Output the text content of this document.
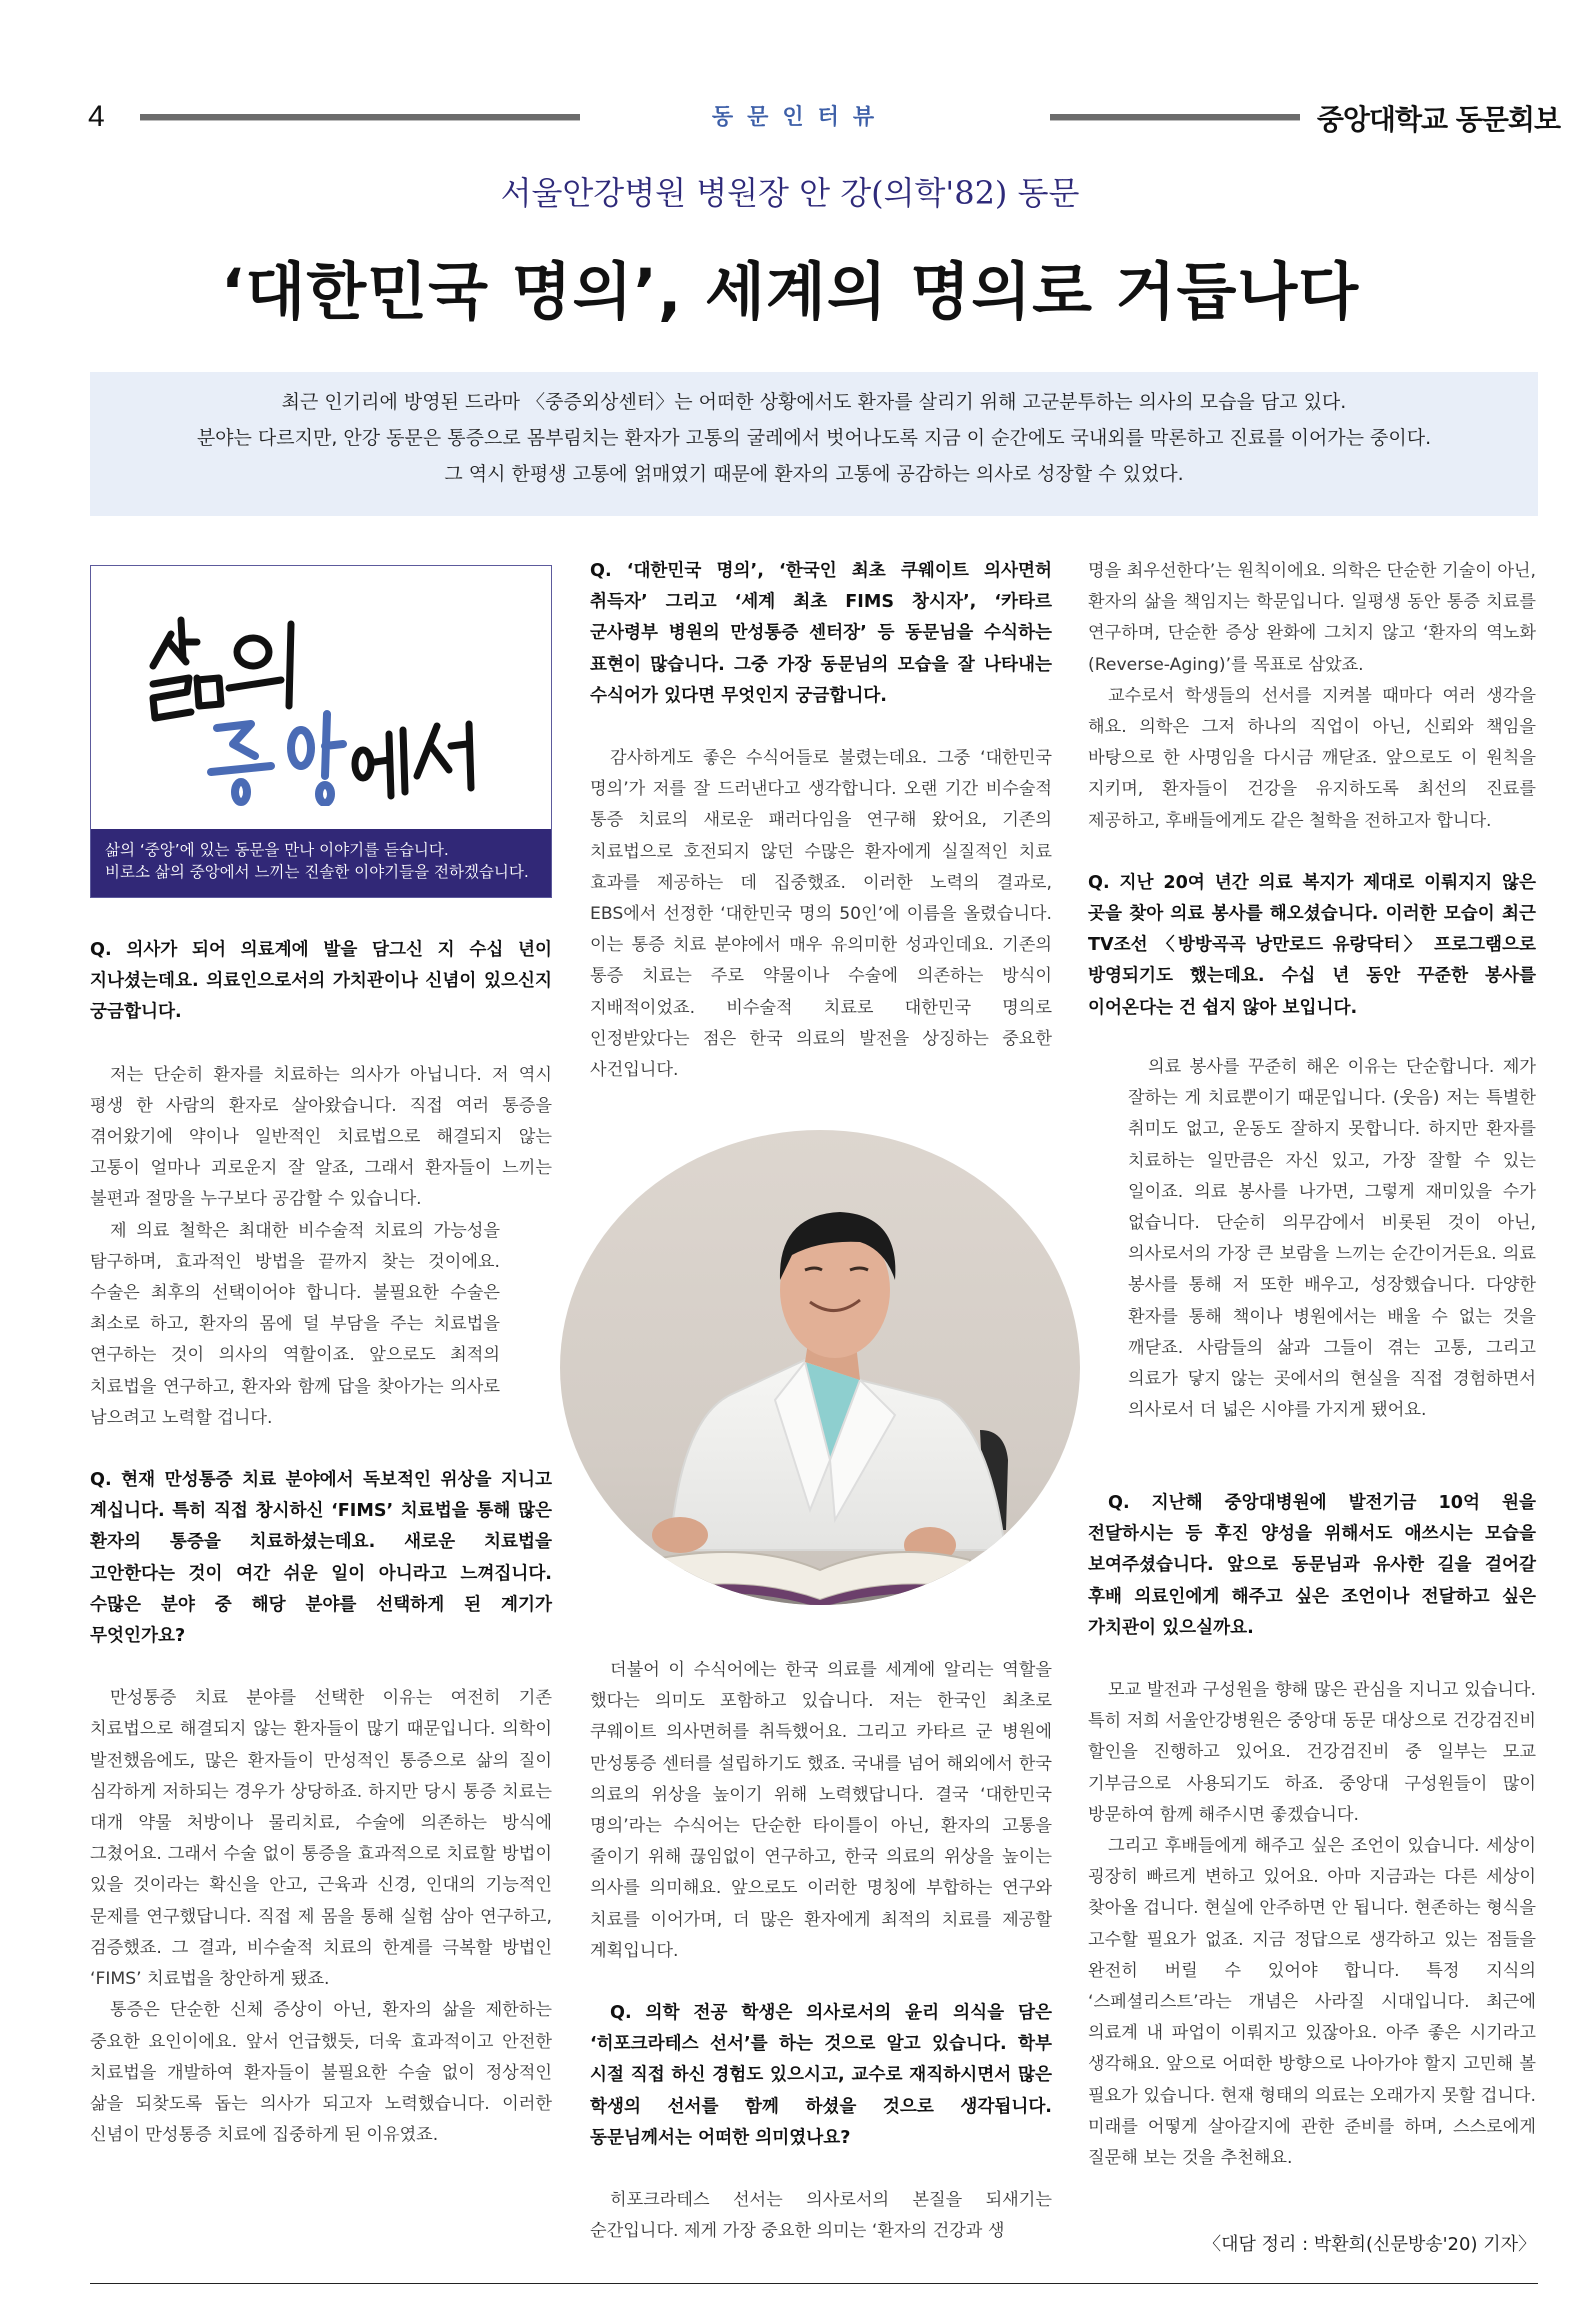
4	동문인터뷰	중앙대학교 동문회보
서울안강병원 병원장 안 강(의학'82) 동문
‘대한민국 명의’, 세계의 명의로 거듭나다

최근 인기리에 방영된 드라마 〈중증외상센터〉는 어떠한 상황에서도 환자를 살리기 위해 고군분투하는 의사의 모습을 담고 있다.

분야는 다르지만, 안강 동문은 통증으로 몸부림치는 환자가 고통의 굴레에서 벗어나도록 지금 이 순간에도 국내외를 막론하고 진료를 이어가는 중이다.

그 역시 한평생 고통에 얽매였기 때문에 환자의 고통에 공감하는 의사로 성장할 수 있었다.

삶의 ‘중앙’에 있는 동문을 만나 이야기를 듣습니다.
비로소 삶의 중앙에서 느끼는 진솔한 이야기들을 전하겠습니다.

Q. 의사가 되어 의료계에 발을 담그신 지 수십 년이 지나셨는데요. 의료인으로서의 가치관이나 신념이 있으신지 궁금합니다.

저는 단순히 환자를 치료하는 의사가 아닙니다. 저 역시 평생 한 사람의 환자로 살아왔습니다. 직접 여러 통증을 겪어왔기에 약이나 일반적인 치료법으로 해결되지 않는 고통이 얼마나 괴로운지 잘 알죠, 그래서 환자들이 느끼는 불편과 절망을 누구보다 공감할 수 있습니다.

제 의료 철학은 최대한 비수술적 치료의 가능성을 탐구하며, 효과적인 방법을 끝까지 찾는 것이에요. 수술은 최후의 선택이어야 합니다. 불필요한 수술은 최소로 하고, 환자의 몸에 덜 부담을 주는 치료법을 연구하는 것이 의사의 역할이죠. 앞으로도 최적의 치료법을 연구하고, 환자와 함께 답을 찾아가는 의사로 남으려고 노력할 겁니다.

Q. 현재 만성통증 치료 분야에서 독보적인 위상을 지니고 계십니다. 특히 직접 창시하신 ‘FIMS’ 치료법을 통해 많은 환자의 통증을 치료하셨는데요. 새로운 치료법을 고안한다는 것이 여간 쉬운 일이 아니라고 느껴집니다. 수많은 분야 중 해당 분야를 선택하게 된 계기가 무엇인가요?

만성통증 치료 분야를 선택한 이유는 여전히 기존 치료법으로 해결되지 않는 환자들이 많기 때문입니다. 의학이 발전했음에도, 많은 환자들이 만성적인 통증으로 삶의 질이 심각하게 저하되는 경우가 상당하죠. 하지만 당시 통증 치료는 대개 약물 처방이나 물리치료, 수술에 의존하는 방식에 그쳤어요. 그래서 수술 없이 통증을 효과적으로 치료할 방법이 있을 것이라는 확신을 안고, 근육과 신경, 인대의 기능적인 문제를 연구했답니다. 직접 제 몸을 통해 실험 삼아 연구하고, 검증했죠. 그 결과, 비수술적 치료의 한계를 극복할 방법인 ‘FIMS’ 치료법을 창안하게 됐죠.

통증은 단순한 신체 증상이 아닌, 환자의 삶을 제한하는 중요한 요인이에요. 앞서 언급했듯, 더욱 효과적이고 안전한 치료법을 개발하여 환자들이 불필요한 수술 없이 정상적인 삶을 되찾도록 돕는 의사가 되고자 노력했습니다. 이러한 신념이 만성통증 치료에 집중하게 된 이유였죠.

Q. ‘대한민국 명의’, ‘한국인 최초 쿠웨이트 의사면허 취득자’ 그리고 ‘세계 최초 FIMS 창시자’, ‘카타르 군사령부 병원의 만성통증 센터장’ 등 동문님을 수식하는 표현이 많습니다. 그중 가장 동문님의 모습을 잘 나타내는 수식어가 있다면 무엇인지 궁금합니다.

감사하게도 좋은 수식어들로 불렸는데요. 그중 ‘대한민국 명의’가 저를 잘 드러낸다고 생각합니다. 오랜 기간 비수술적 통증 치료의 새로운 패러다임을 연구해 왔어요, 기존의 치료법으로 호전되지 않던 수많은 환자에게 실질적인 치료 효과를 제공하는 데 집중했죠. 이러한 노력의 결과로, EBS에서 선정한 ‘대한민국 명의 50인’에 이름을 올렸습니다. 이는 통증 치료 분야에서 매우 유의미한 성과인데요. 기존의 통증 치료는 주로 약물이나 수술에 의존하는 방식이 지배적이었죠. 비수술적 치료로 대한민국 명의로 인정받았다는 점은 한국 의료의 발전을 상징하는 중요한 사건입니다.

더불어 이 수식어에는 한국 의료를 세계에 알리는 역할을 했다는 의미도 포함하고 있습니다. 저는 한국인 최초로 쿠웨이트 의사면허를 취득했어요. 그리고 카타르 군 병원에 만성통증 센터를 설립하기도 했죠. 국내를 넘어 해외에서 한국 의료의 위상을 높이기 위해 노력했답니다. 결국 ‘대한민국 명의’라는 수식어는 단순한 타이틀이 아닌, 환자의 고통을 줄이기 위해 끊임없이 연구하고, 한국 의료의 위상을 높이는 의사를 의미해요. 앞으로도 이러한 명칭에 부합하는 연구와 치료를 이어가며, 더 많은 환자에게 최적의 치료를 제공할 계획입니다.

Q. 의학 전공 학생은 의사로서의 윤리 의식을 담은 ‘히포크라테스 선서’를 하는 것으로 알고 있습니다. 학부 시절 직접 하신 경험도 있으시고, 교수로 재직하시면서 많은 학생의 선서를 함께 하셨을 것으로 생각됩니다. 동문님께서는 어떠한 의미였나요?

히포크라테스 선서는 의사로서의 본질을 되새기는 순간입니다. 제게 가장 중요한 의미는 ‘환자의 건강과 생

명을 최우선한다’는 원칙이에요. 의학은 단순한 기술이 아닌, 환자의 삶을 책임지는 학문입니다. 일평생 동안 통증 치료를 연구하며, 단순한 증상 완화에 그치지 않고 ‘환자의 역노화(Reverse-Aging)’를 목표로 삼았죠.

교수로서 학생들의 선서를 지켜볼 때마다 여러 생각을 해요. 의학은 그저 하나의 직업이 아닌, 신뢰와 책임을 바탕으로 한 사명임을 다시금 깨닫죠. 앞으로도 이 원칙을 지키며, 환자들이 건강을 유지하도록 최선의 진료를 제공하고, 후배들에게도 같은 철학을 전하고자 합니다.

Q. 지난 20여 년간 의료 복지가 제대로 이뤄지지 않은 곳을 찾아 의료 봉사를 해오셨습니다. 이러한 모습이 최근 TV조선 〈방방곡곡 낭만로드 유랑닥터〉 프로그램으로 방영되기도 했는데요. 수십 년 동안 꾸준한 봉사를 이어온다는 건 쉽지 않아 보입니다.

의료 봉사를 꾸준히 해온 이유는 단순합니다. 제가 잘하는 게 치료뿐이기 때문입니다. (웃음) 저는 특별한 취미도 없고, 운동도 잘하지 못합니다. 하지만 환자를 치료하는 일만큼은 자신 있고, 가장 잘할 수 있는 일이죠. 의료 봉사를 나가면, 그렇게 재미있을 수가 없습니다. 단순히 의무감에서 비롯된 것이 아닌, 의사로서의 가장 큰 보람을 느끼는 순간이거든요. 의료 봉사를 통해 저 또한 배우고, 성장했습니다. 다양한 환자를 통해 책이나 병원에서는 배울 수 없는 것을 깨닫죠. 사람들의 삶과 그들이 겪는 고통, 그리고 의료가 닿지 않는 곳에서의 현실을 직접 경험하면서 의사로서 더 넓은 시야를 가지게 됐어요.

Q. 지난해 중앙대병원에 발전기금 10억 원을 전달하시는 등 후진 양성을 위해서도 애쓰시는 모습을 보여주셨습니다. 앞으로 동문님과 유사한 길을 걸어갈 후배 의료인에게 해주고 싶은 조언이나 전달하고 싶은 가치관이 있으실까요.

모교 발전과 구성원을 향해 많은 관심을 지니고 있습니다. 특히 저희 서울안강병원은 중앙대 동문 대상으로 건강검진비 할인을 진행하고 있어요. 건강검진비 중 일부는 모교 기부금으로 사용되기도 하죠. 중앙대 구성원들이 많이 방문하여 함께 해주시면 좋겠습니다.

그리고 후배들에게 해주고 싶은 조언이 있습니다. 세상이 굉장히 빠르게 변하고 있어요. 아마 지금과는 다른 세상이 찾아올 겁니다. 현실에 안주하면 안 됩니다. 현존하는 형식을 고수할 필요가 없죠. 지금 정답으로 생각하고 있는 점들을 완전히 버릴 수 있어야 합니다. 특정 지식의 ‘스페셜리스트’라는 개념은 사라질 시대입니다. 최근에 의료계 내 파업이 이뤄지고 있잖아요. 아주 좋은 시기라고 생각해요. 앞으로 어떠한 방향으로 나아가야 할지 고민해 볼 필요가 있습니다. 현재 형태의 의료는 오래가지 못할 겁니다. 미래를 어떻게 살아갈지에 관한 준비를 하며, 스스로에게 질문해 보는 것을 추천해요.

〈대담 정리 : 박환희(신문방송'20) 기자〉
